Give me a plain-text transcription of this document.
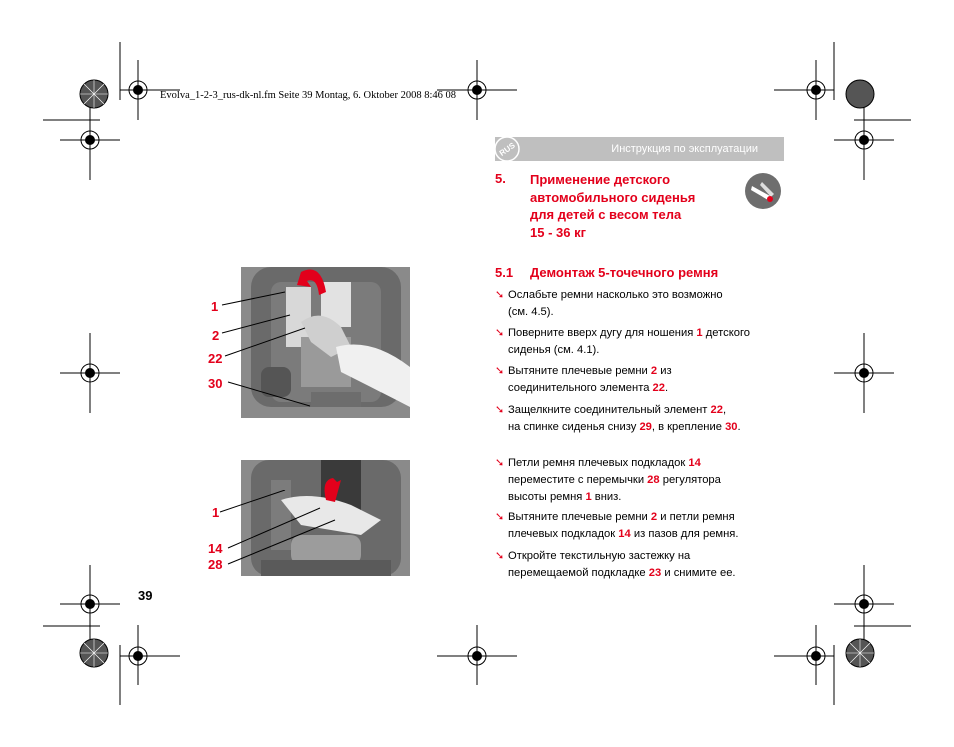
Evolva_1-2-3_rus-dk-nl.fm Seite 39 Montag, 6. Oktober 2008 8:46 08
RUS	Инструкция по эксплуатации
5. Применение детского
автомобильного сиденья
для детей с весом тела
15 - 36 кг
5.1 Демонтаж 5-точечного ремня
➘ Ослабьте ремни насколько это возможно
(см. 4.5).
➘ Поверните вверх дугу для ношения 1 детского
сиденья (см. 4.1).
➘ Вытяните плечевые ремни 2 из
соединительного элемента 22.
➘ Защелкните соединительный элемент 22,
на спинке сиденья снизу 29, в крепление 30.
➘ Петли ремня плечевых подкладок 14
переместите с перемычки 28 регулятора
высоты ремня 1 вниз.
➘ Вытяните плечевые ремни 2 и петли ремня
плечевых подкладок 14 из пазов для ремня.
➘ Откройте текстильную застежку на
перемещаемой подкладке 23 и снимите ее.
1
2
22
30
1
14
28
39
